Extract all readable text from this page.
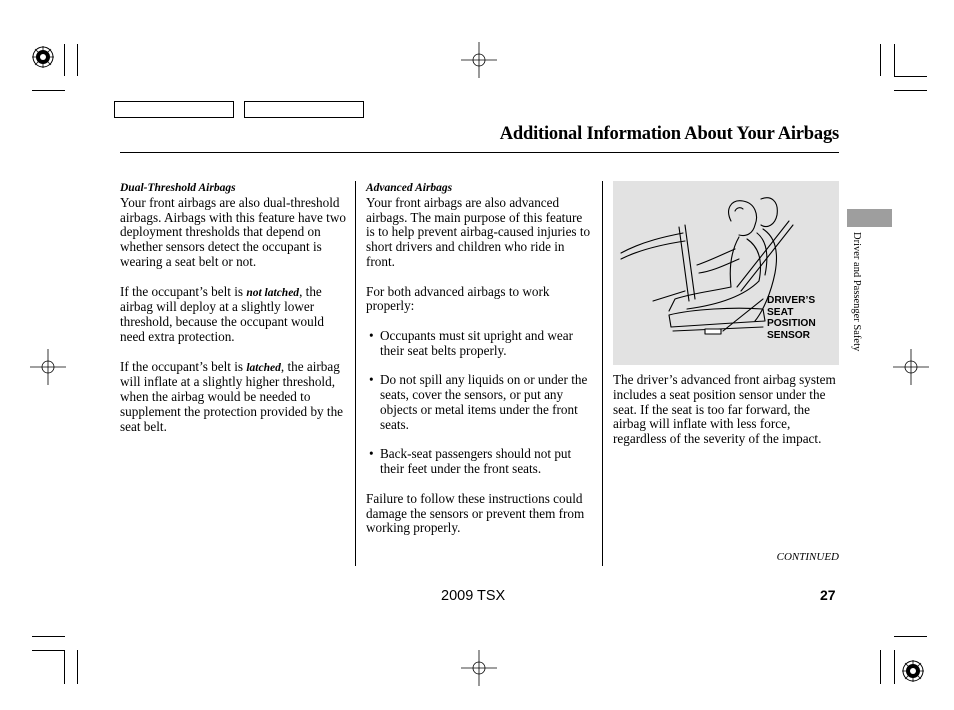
Additional Information About Your Airbags
Dual-Threshold Airbags

Your front airbags are also dual-threshold airbags. Airbags with this feature have two deployment thresholds that depend on whether sensors detect the occupant is wearing a seat belt or not.

If the occupant’s belt is not latched, the airbag will deploy at a slightly lower threshold, because the occupant would need extra protection.

If the occupant’s belt is latched, the airbag will inflate at a slightly higher threshold, when the airbag would be needed to supplement the protection provided by the seat belt.

Advanced Airbags

Your front airbags are also advanced airbags. The main purpose of this feature is to help prevent airbag-caused injuries to short drivers and children who ride in front.

For both advanced airbags to work properly:

• Occupants must sit upright and wear their seat belts properly.
• Do not spill any liquids on or under the seats, cover the sensors, or put any objects or metal items under the front seats.
• Back-seat passengers should not put their feet under the front seats.

Failure to follow these instructions could damage the sensors or prevent them from working properly.

DRIVER’S
SEAT
POSITION
SENSOR

The driver’s advanced front airbag system includes a seat position sensor under the seat. If the seat is too far forward, the airbag will inflate with less force, regardless of the severity of the impact.

Driver and Passenger Safety
CONTINUED
2009 TSX	27
